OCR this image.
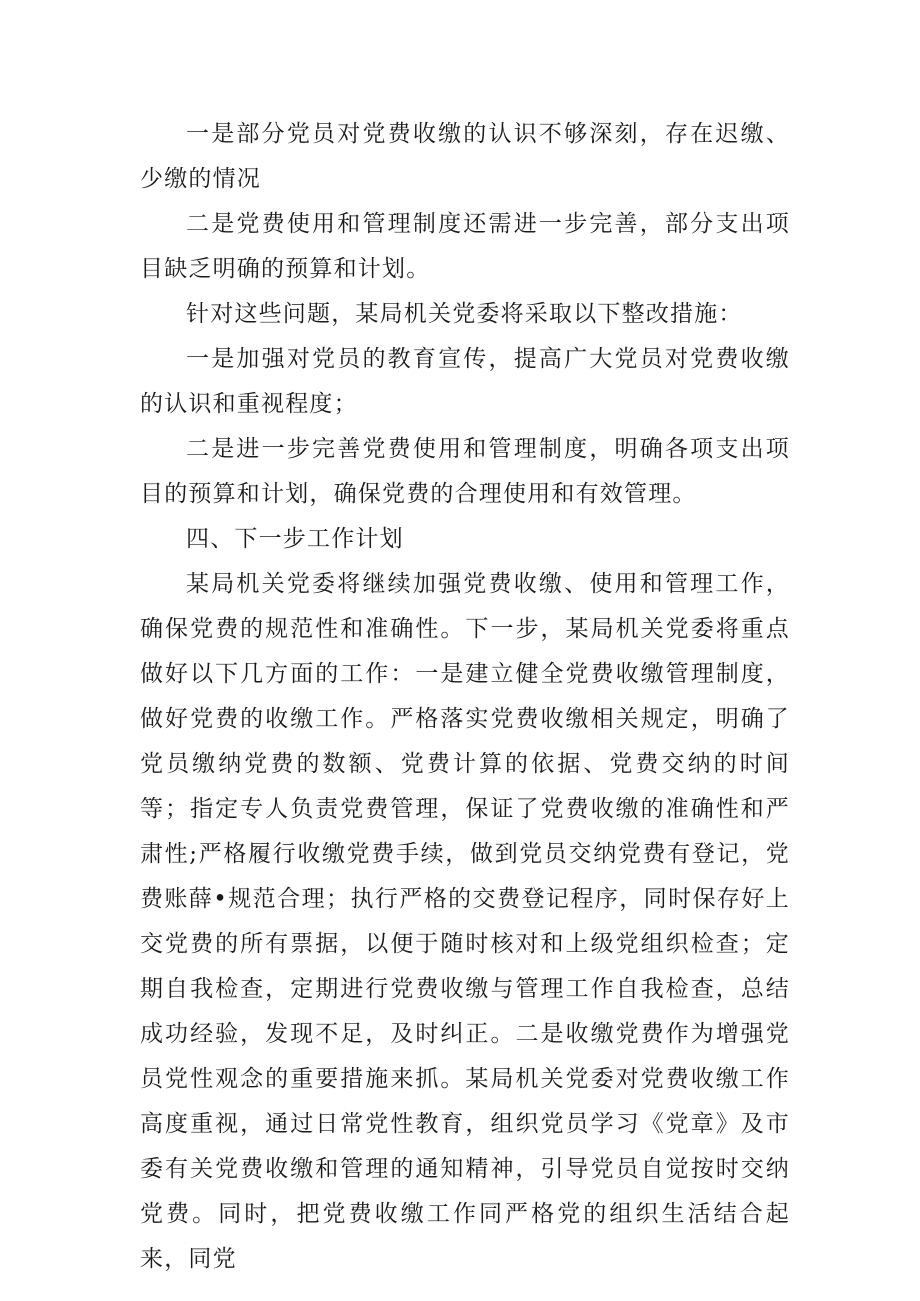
一是部分党员对党费收缴的认识不够深刻，存在迟缴、少缴的情况

二是党费使用和管理制度还需进一步完善，部分支出项目缺乏明确的预算和计划。

针对这些问题，某局机关党委将采取以下整改措施：

一是加强对党员的教育宣传，提高广大党员对党费收缴的认识和重视程度；

二是进一步完善党费使用和管理制度，明确各项支出项目的预算和计划，确保党费的合理使用和有效管理。

四、下一步工作计划

某局机关党委将继续加强党费收缴、使用和管理工作，确保党费的规范性和准确性。下一步，某局机关党委将重点做好以下几方面的工作：一是建立健全党费收缴管理制度，做好党费的收缴工作。严格落实党费收缴相关规定，明确了党员缴纳党费的数额、党费计算的依据、党费交纳的时间等；指定专人负责党费管理，保证了党费收缴的准确性和严肃性;严格履行收缴党费手续，做到党员交纳党费有登记，党费账薛•规范合理；执行严格的交费登记程序，同时保存好上交党费的所有票据，以便于随时核对和上级党组织检查；定期自我检查，定期进行党费收缴与管理工作自我检查，总结成功经验，发现不足，及时纠正。二是收缴党费作为增强党员党性观念的重要措施来抓。某局机关党委对党费收缴工作高度重视，通过日常党性教育，组织党员学习《党章》及市委有关党费收缴和管理的通知精神，引导党员自觉按时交纳党费。同时，把党费收缴工作同严格党的组织生活结合起来，同党
